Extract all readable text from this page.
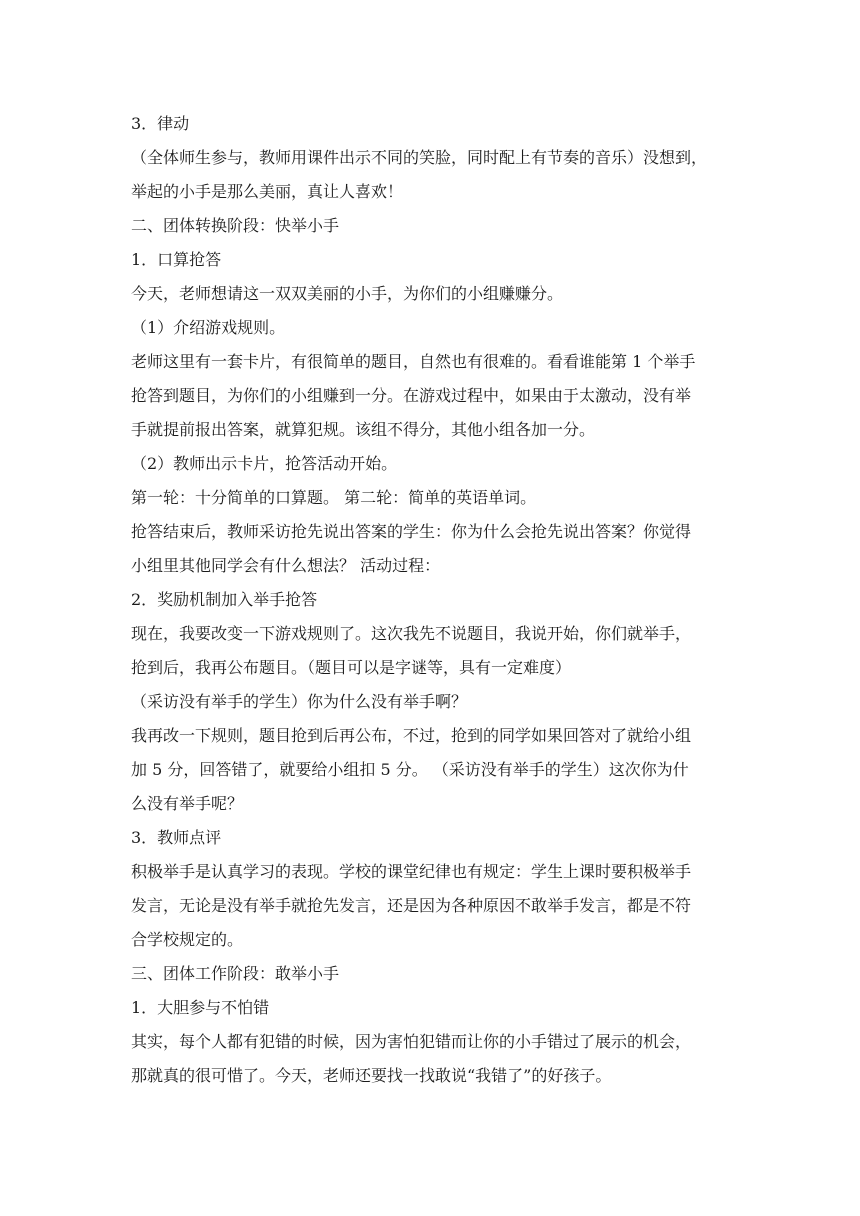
3．律动
（全体师生参与，教师用课件出示不同的笑脸，同时配上有节奏的音乐）没想到，
举起的小手是那么美丽，真让人喜欢！
二、团体转换阶段：快举小手
1．口算抢答
今天，老师想请这一双双美丽的小手，为你们的小组赚赚分。
（1）介绍游戏规则。
老师这里有一套卡片，有很简单的题目，自然也有很难的。看看谁能第 1 个举手
抢答到题目，为你们的小组赚到一分。在游戏过程中，如果由于太激动，没有举
手就提前报出答案，就算犯规。该组不得分，其他小组各加一分。
（2）教师出示卡片，抢答活动开始。
第一轮：十分简单的口算题。 第二轮：简单的英语单词。
抢答结束后，教师采访抢先说出答案的学生：你为什么会抢先说出答案？你觉得
小组里其他同学会有什么想法？ 活动过程：
2．奖励机制加入举手抢答
现在，我要改变一下游戏规则了。这次我先不说题目，我说开始，你们就举手，
抢到后，我再公布题目。（题目可以是字谜等，具有一定难度）
（采访没有举手的学生）你为什么没有举手啊？
我再改一下规则，题目抢到后再公布，不过，抢到的同学如果回答对了就给小组
加 5 分，回答错了，就要给小组扣 5 分。 （采访没有举手的学生）这次你为什
么没有举手呢？
3．教师点评
积极举手是认真学习的表现。学校的课堂纪律也有规定：学生上课时要积极举手
发言，无论是没有举手就抢先发言，还是因为各种原因不敢举手发言，都是不符
合学校规定的。
三、团体工作阶段：敢举小手
1．大胆参与不怕错
其实，每个人都有犯错的时候，因为害怕犯错而让你的小手错过了展示的机会，
那就真的很可惜了。今天，老师还要找一找敢说“我错了”的好孩子。
